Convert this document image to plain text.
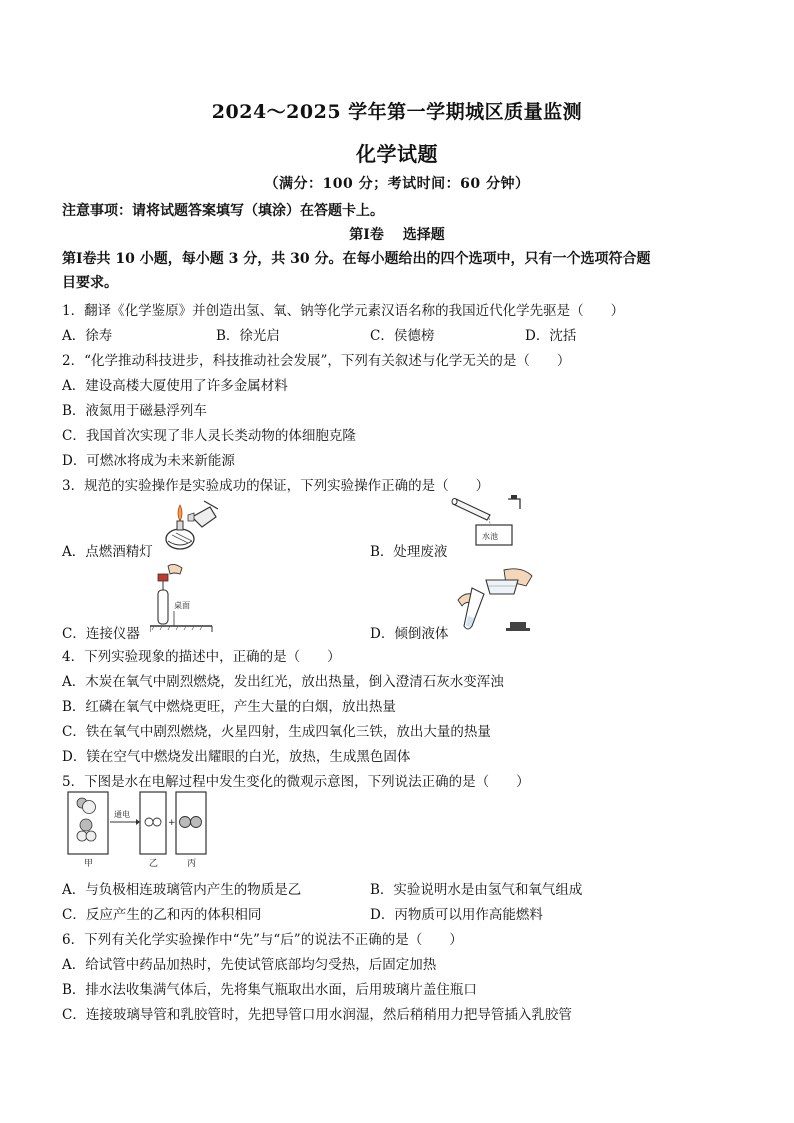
2024～2025 学年第一学期城区质量监测
化学试题
（满分：100 分；考试时间：60 分钟）
注意事项：请将试题答案填写（填涂）在答题卡上。
第Ⅰ卷　 选择题
第Ⅰ卷共 10 小题，每小题 3 分，共 30 分。在每小题给出的四个选项中，只有一个选项符合题
目要求。
1．翻译《化学鉴原》并创造出氢、氧、钠等化学元素汉语名称的我国近代化学先驱是（　　）
A．徐寿	B．徐光启	C．侯德榜	D．沈括
2．“化学推动科技进步，科技推动社会发展”，下列有关叙述与化学无关的是（　　）
A．建设高楼大厦使用了许多金属材料
B．液氮用于磁悬浮列车
C．我国首次实现了非人灵长类动物的体细胞克隆
D．可燃冰将成为未来新能源
3．规范的实验操作是实验成功的保证，下列实验操作正确的是（　　）
A．点燃酒精灯
水池
B．处理废液
桌面
C．连接仪器	D．倾倒液体
4．下列实验现象的描述中，正确的是（　　）
A．木炭在氧气中剧烈燃烧，发出红光，放出热量，倒入澄清石灰水变浑浊
B．红磷在氧气中燃烧更旺，产生大量的白烟，放出热量
C．铁在氧气中剧烈燃烧，火星四射，生成四氧化三铁，放出大量的热量
D．镁在空气中燃烧发出耀眼的白光，放热，生成黑色固体
5．下图是水在电解过程中发生变化的微观示意图，下列说法正确的是（　　）
通电
+
甲	乙	丙
A．与负极相连玻璃管内产生的物质是乙	B．实验说明水是由氢气和氧气组成
C．反应产生的乙和丙的体积相同	D．丙物质可以用作高能燃料
6．下列有关化学实验操作中“先”与“后”的说法不正确的是（　　）
A．给试管中药品加热时，先使试管底部均匀受热，后固定加热
B．排水法收集满气体后，先将集气瓶取出水面，后用玻璃片盖住瓶口
C．连接玻璃导管和乳胶管时，先把导管口用水润湿，然后稍稍用力把导管插入乳胶管
